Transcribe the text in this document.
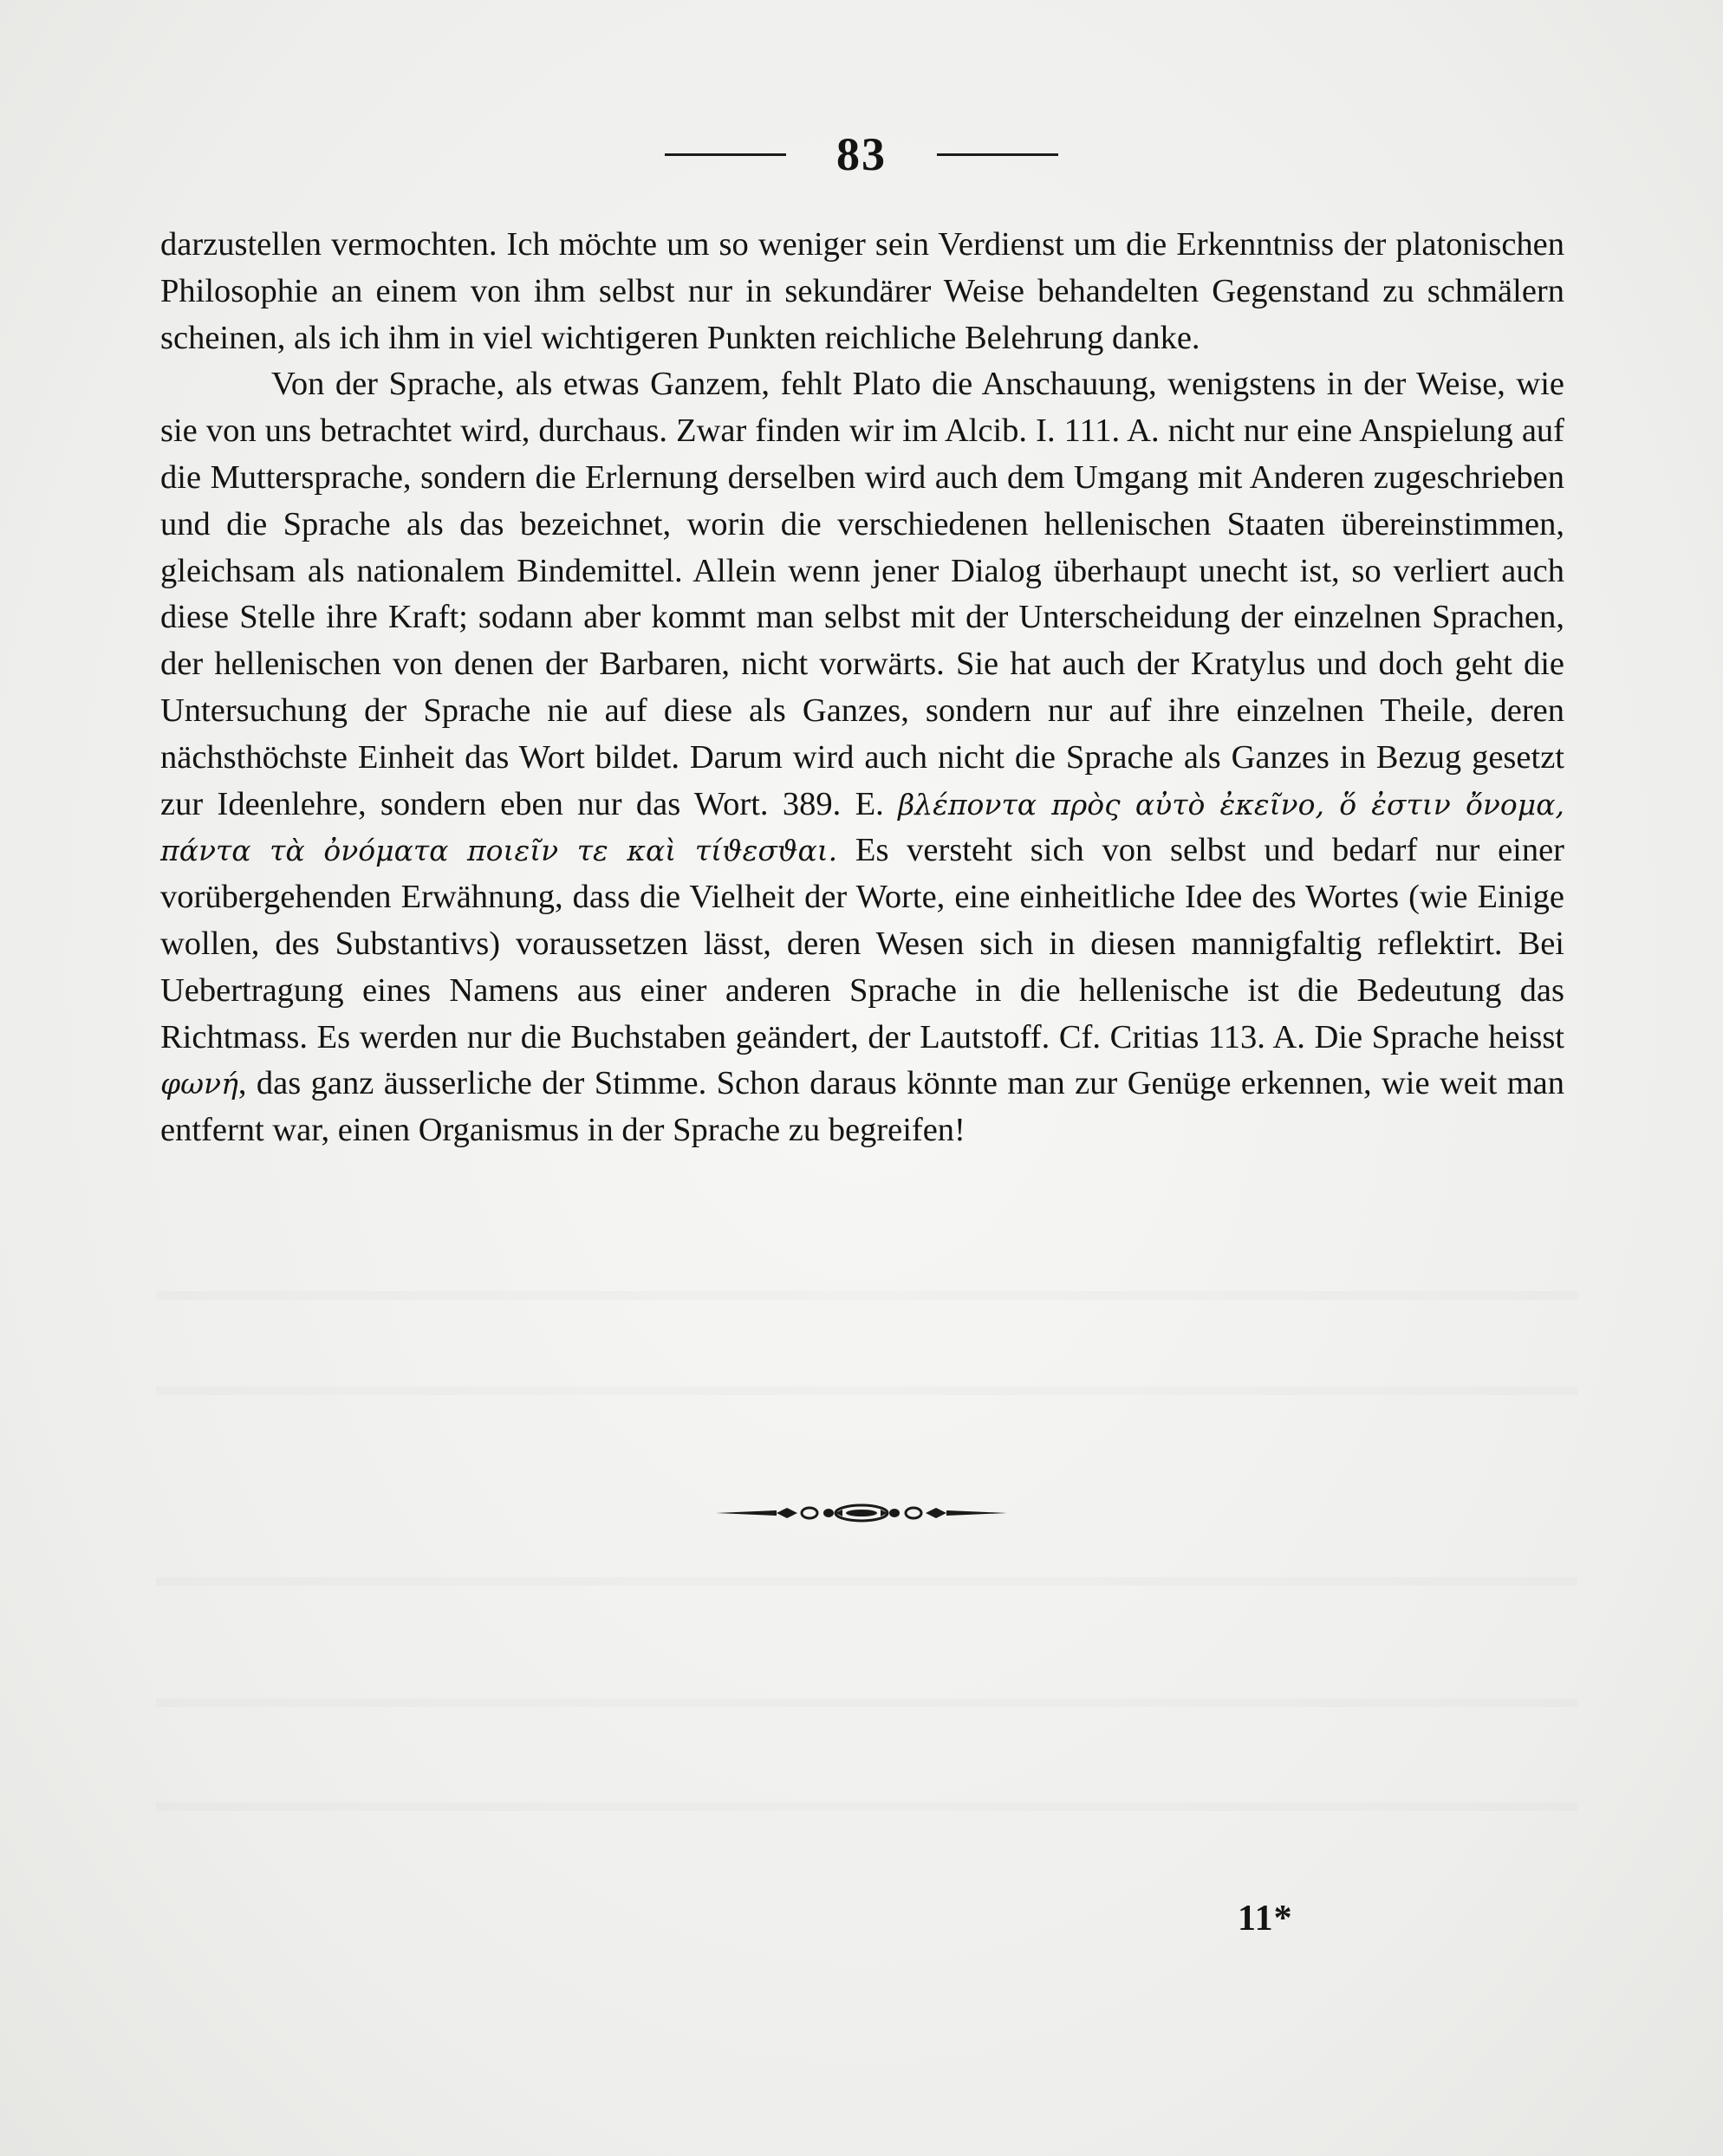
83

darzustellen vermochten. Ich möchte um so weniger sein Verdienst um die Erkenntniss der platonischen Philosophie an einem von ihm selbst nur in sekundärer Weise behandelten Gegenstand zu schmälern scheinen, als ich ihm in viel wichtigeren Punkten reichliche Belehrung danke.

Von der Sprache, als etwas Ganzem, fehlt Plato die Anschauung, wenigstens in der Weise, wie sie von uns betrachtet wird, durchaus. Zwar finden wir im Alcib. I. 111. A. nicht nur eine Anspielung auf die Muttersprache, sondern die Erlernung derselben wird auch dem Umgang mit Anderen zugeschrieben und die Sprache als das bezeichnet, worin die verschiedenen hellenischen Staaten übereinstimmen, gleichsam als nationalem Bindemittel. Allein wenn jener Dialog überhaupt unecht ist, so verliert auch diese Stelle ihre Kraft; sodann aber kommt man selbst mit der Unterscheidung der einzelnen Sprachen, der hellenischen von denen der Barbaren, nicht vorwärts. Sie hat auch der Kratylus und doch geht die Untersuchung der Sprache nie auf diese als Ganzes, sondern nur auf ihre einzelnen Theile, deren nächsthöchste Einheit das Wort bildet. Darum wird auch nicht die Sprache als Ganzes in Bezug gesetzt zur Ideenlehre, sondern eben nur das Wort. 389. E. βλέποντα πρὸς αὐτὸ ἐκεῖνο, ὅ ἐστιν ὄνομα, πάντα τὰ ὀνόματα ποιεῖν τε καὶ τίϑεσϑαι. Es versteht sich von selbst und bedarf nur einer vorübergehenden Erwähnung, dass die Vielheit der Worte, eine einheitliche Idee des Wortes (wie Einige wollen, des Substantivs) voraussetzen lässt, deren Wesen sich in diesen mannigfaltig reflektirt. Bei Uebertragung eines Namens aus einer anderen Sprache in die hellenische ist die Bedeutung das Richtmass. Es werden nur die Buchstaben geändert, der Lautstoff. Cf. Critias 113. A. Die Sprache heisst φωνή, das ganz äusserliche der Stimme. Schon daraus könnte man zur Genüge erkennen, wie weit man entfernt war, einen Organismus in der Sprache zu begreifen!

11*
